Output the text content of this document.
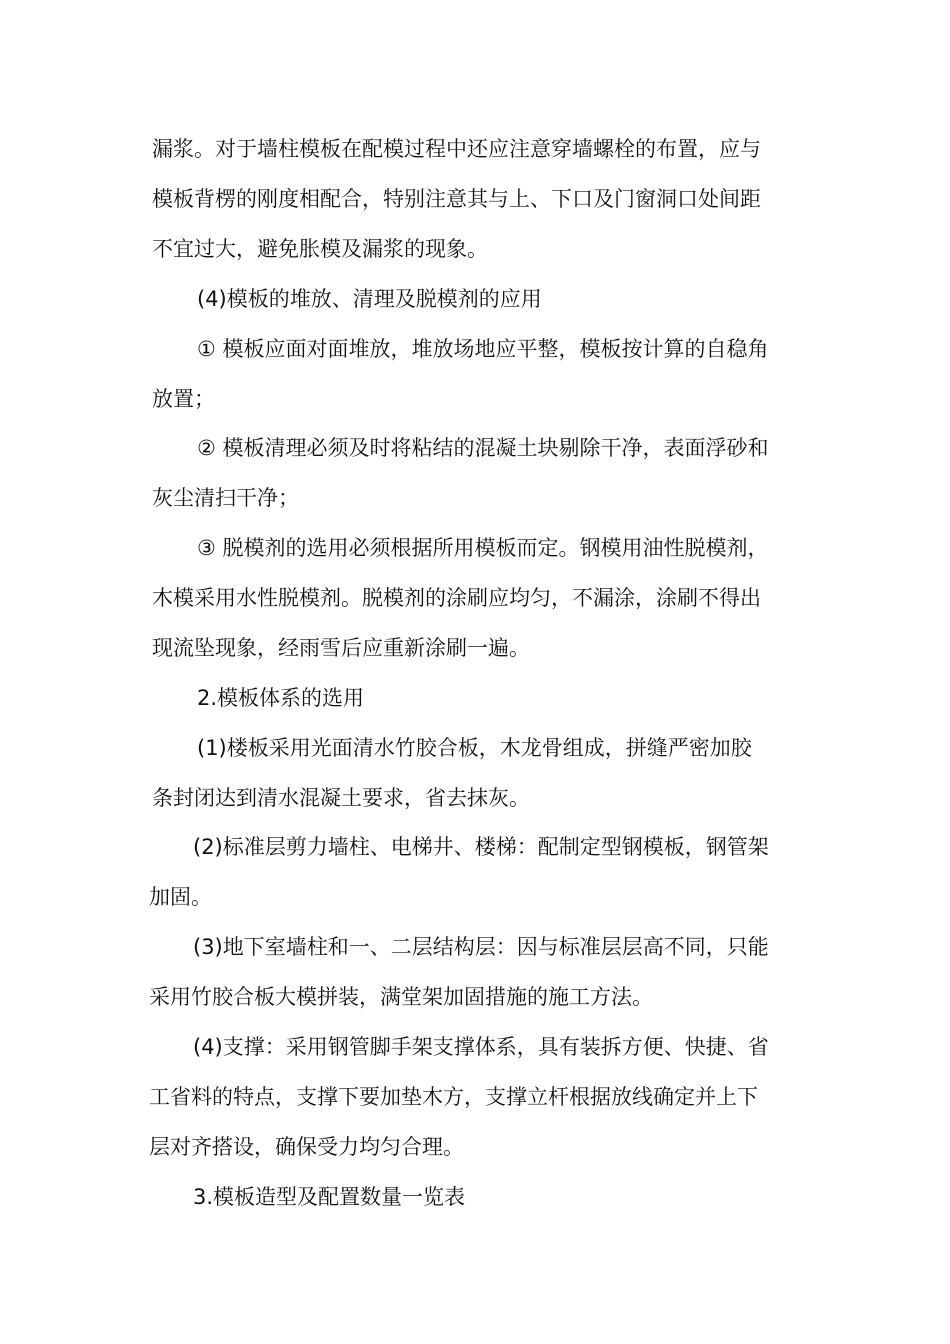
漏浆。对于墙柱模板在配模过程中还应注意穿墙螺栓的布置，应与
模板背楞的刚度相配合，特别注意其与上、下口及门窗洞口处间距
不宜过大，避免胀模及漏浆的现象。
(4)模板的堆放、清理及脱模剂的应用
① 模板应面对面堆放，堆放场地应平整，模板按计算的自稳角
放置；
② 模板清理必须及时将粘结的混凝土块剔除干净，表面浮砂和
灰尘清扫干净；
③ 脱模剂的选用必须根据所用模板而定。钢模用油性脱模剂，
木模采用水性脱模剂。脱模剂的涂刷应均匀，不漏涂，涂刷不得出
现流坠现象，经雨雪后应重新涂刷一遍。
2.模板体系的选用
(1)楼板采用光面清水竹胶合板，木龙骨组成，拼缝严密加胶
条封闭达到清水混凝土要求，省去抹灰。
(2)标准层剪力墙柱、电梯井、楼梯：配制定型钢模板，钢管架
加固。
(3)地下室墙柱和一、二层结构层：因与标准层层高不同，只能
采用竹胶合板大模拼装，满堂架加固措施的施工方法。
(4)支撑：采用钢管脚手架支撑体系，具有装拆方便、快捷、省
工省料的特点，支撑下要加垫木方，支撑立杆根据放线确定并上下
层对齐搭设，确保受力均匀合理。
3.模板造型及配置数量一览表
